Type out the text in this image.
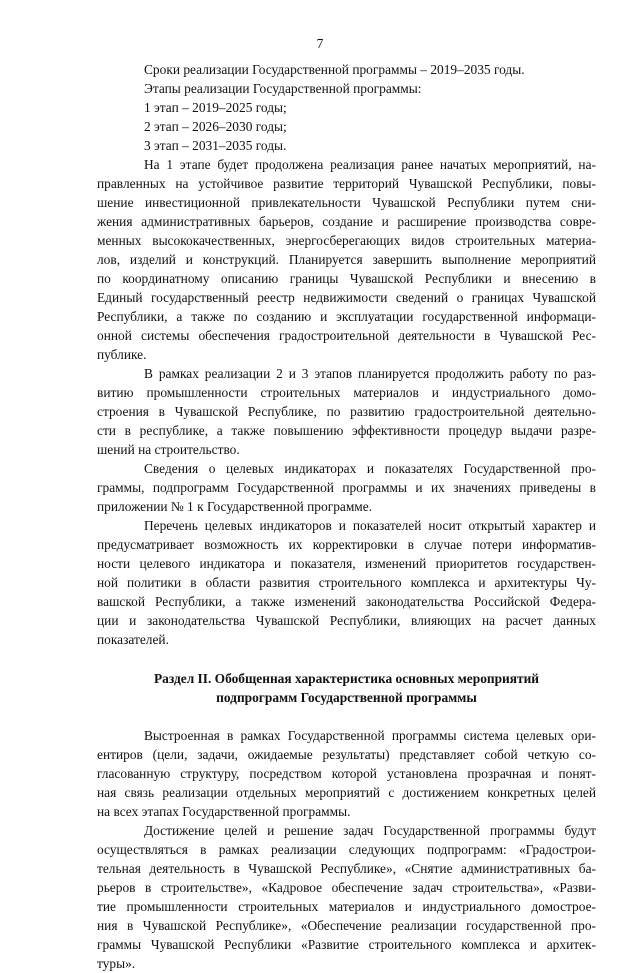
7
Сроки реализации Государственной программы – 2019–2035 годы.
Этапы реализации Государственной программы:
1 этап – 2019–2025 годы;
2 этап – 2026–2030 годы;
3 этап – 2031–2035 годы.
На 1 этапе будет продолжена реализация ранее начатых мероприятий, на-
правленных на устойчивое развитие территорий Чувашской Республики, повы-
шение инвестиционной привлекательности Чувашской Республики путем сни-
жения административных барьеров, создание и расширение производства совре-
менных высококачественных, энергосберегающих видов строительных материа-
лов, изделий и конструкций. Планируется завершить выполнение мероприятий
по координатному описанию границы Чувашской Республики и внесению в
Единый государственный реестр недвижимости сведений о границах Чувашской
Республики, а также по созданию и эксплуатации государственной информаци-
онной системы обеспечения градостроительной деятельности в Чувашской Рес-
публике.
В рамках реализации 2 и 3 этапов планируется продолжить работу по раз-
витию промышленности строительных материалов и индустриального домо-
строения в Чувашской Республике, по развитию градостроительной деятельно-
сти в республике, а также повышению эффективности процедур выдачи разре-
шений на строительство.
Сведения о целевых индикаторах и показателях Государственной про-
граммы, подпрограмм Государственной программы и их значениях приведены в
приложении № 1 к Государственной программе.
Перечень целевых индикаторов и показателей носит открытый характер и
предусматривает возможность их корректировки в случае потери информатив-
ности целевого индикатора и показателя, изменений приоритетов государствен-
ной политики в области развития строительного комплекса и архитектуры Чу-
вашской Республики, а также изменений законодательства Российской Федера-
ции и законодательства Чувашской Республики, влияющих на расчет данных
показателей.
Раздел II. Обобщенная характеристика основных мероприятий
подпрограмм Государственной программы
Выстроенная в рамках Государственной программы система целевых ори-
ентиров (цели, задачи, ожидаемые результаты) представляет собой четкую со-
гласованную структуру, посредством которой установлена прозрачная и понят-
ная связь реализации отдельных мероприятий с достижением конкретных целей
на всех этапах Государственной программы.
Достижение целей и решение задач Государственной программы будут
осуществляться в рамках реализации следующих подпрограмм: «Градострои-
тельная деятельность в Чувашской Республике», «Снятие административных ба-
рьеров в строительстве», «Кадровое обеспечение задач строительства», «Разви-
тие промышленности строительных материалов и индустриального домострое-
ния в Чувашской Республике», «Обеспечение реализации государственной про-
граммы Чувашской Республики «Развитие строительного комплекса и архитек-
туры».
